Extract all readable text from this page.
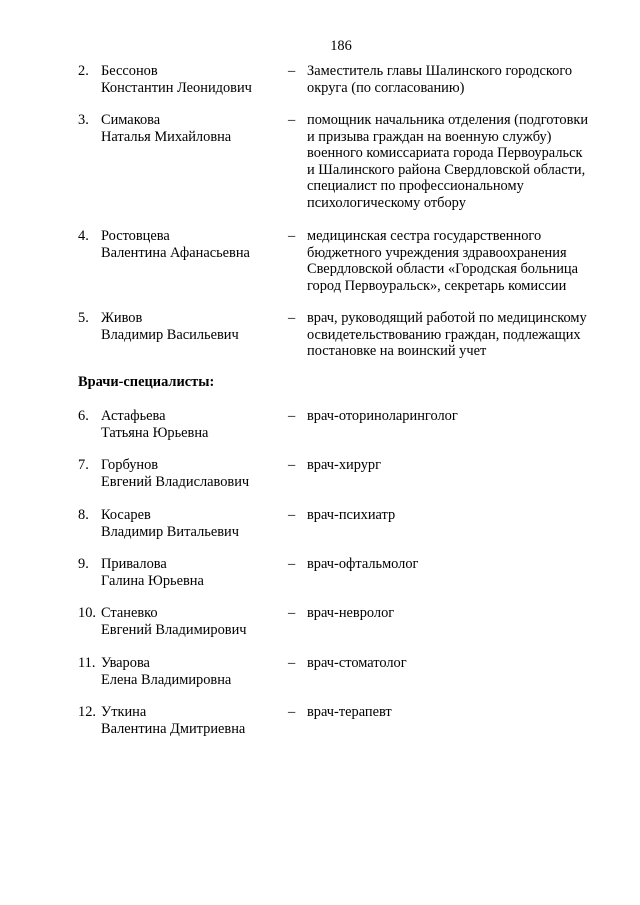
186
2. Бессонов
Константин Леонидович
– Заместитель главы Шалинского городского
округа (по согласованию)
3. Симакова
Наталья Михайловна
– помощник начальника отделения (подготовки
и призыва граждан на военную службу)
военного комиссариата города Первоуральск
и Шалинского района Свердловской области,
специалист по профессиональному
психологическому отбору
4. Ростовцева
Валентина Афанасьевна
– медицинская сестра государственного
бюджетного учреждения здравоохранения
Свердловской области «Городская больница
город Первоуральск», секретарь комиссии
5. Живов
Владимир Васильевич
– врач, руководящий работой по медицинскому
освидетельствованию граждан, подлежащих
постановке на воинский учет
Врачи-специалисты:
6. Астафьева
Татьяна Юрьевна
– врач-оториноларинголог
7. Горбунов
Евгений Владиславович
– врач-хирург
8. Косарев
Владимир Витальевич
– врач-психиатр
9. Привалова
Галина Юрьевна
– врач-офтальмолог
10. Станевко
Евгений Владимирович
– врач-невролог
11. Уварова
Елена Владимировна
– врач-стоматолог
12. Уткина
Валентина Дмитриевна
– врач-терапевт
